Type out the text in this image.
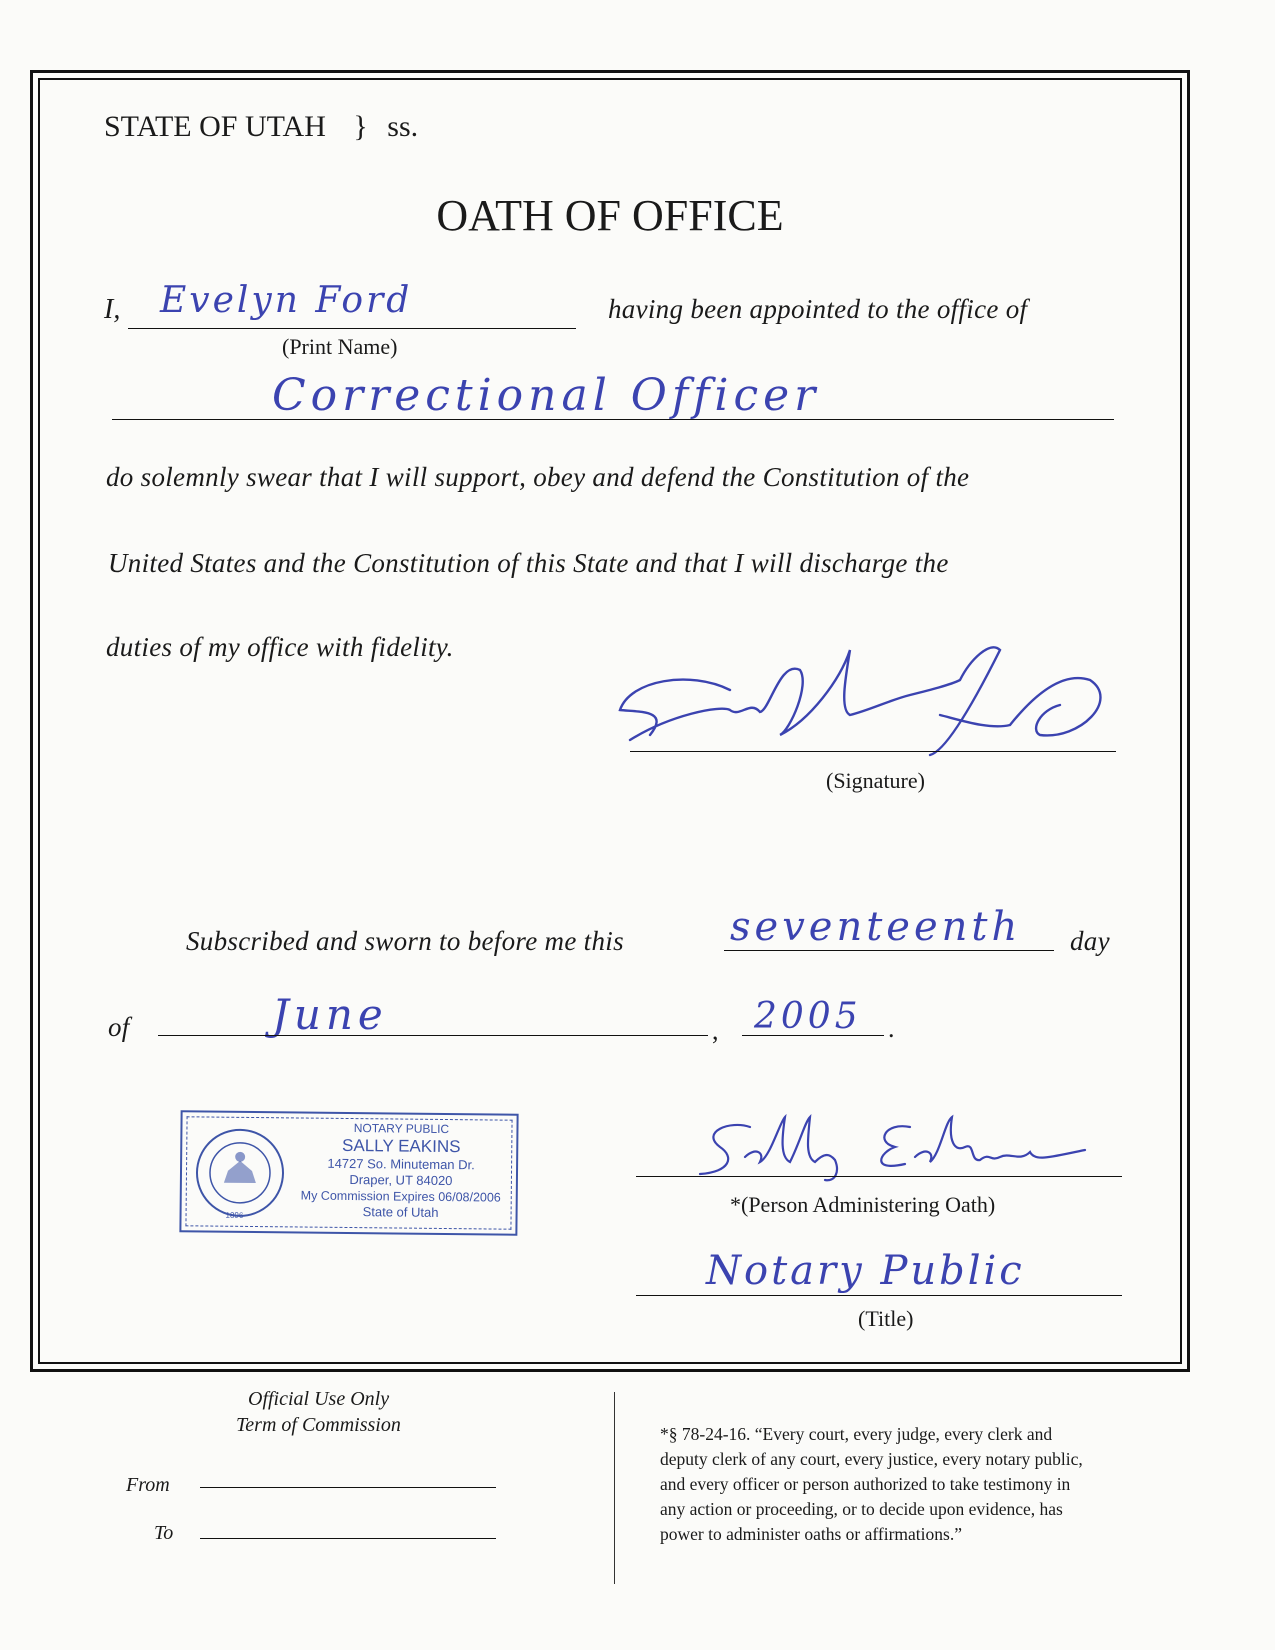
STATE OF UTAH } ss.
OATH OF OFFICE
I, Evelyn Ford
(Print Name)
having been appointed to the office of
Correctional Officer
do solemnly swear that I will support, obey and defend the Constitution of the
United States and the Constitution of this State and that I will discharge the
duties of my office with fidelity.
(Signature)
Subscribed and sworn to before me this	seventeenth day
of	June	, 2005 .
1896
NOTARY PUBLIC
SALLY EAKINS
14727 So. Minuteman Dr.
Draper, UT 84020
My Commission Expires 06/08/2006
State of Utah	*(Person Administering Oath)
Notary Public
(Title)
Official Use Only
Term of Commission
From
To
*§ 78-24-16. “Every court, every judge, every clerk and
deputy clerk of any court, every justice, every notary public,
and every officer or person authorized to take testimony in
any action or proceeding, or to decide upon evidence, has
power to administer oaths or affirmations.”
